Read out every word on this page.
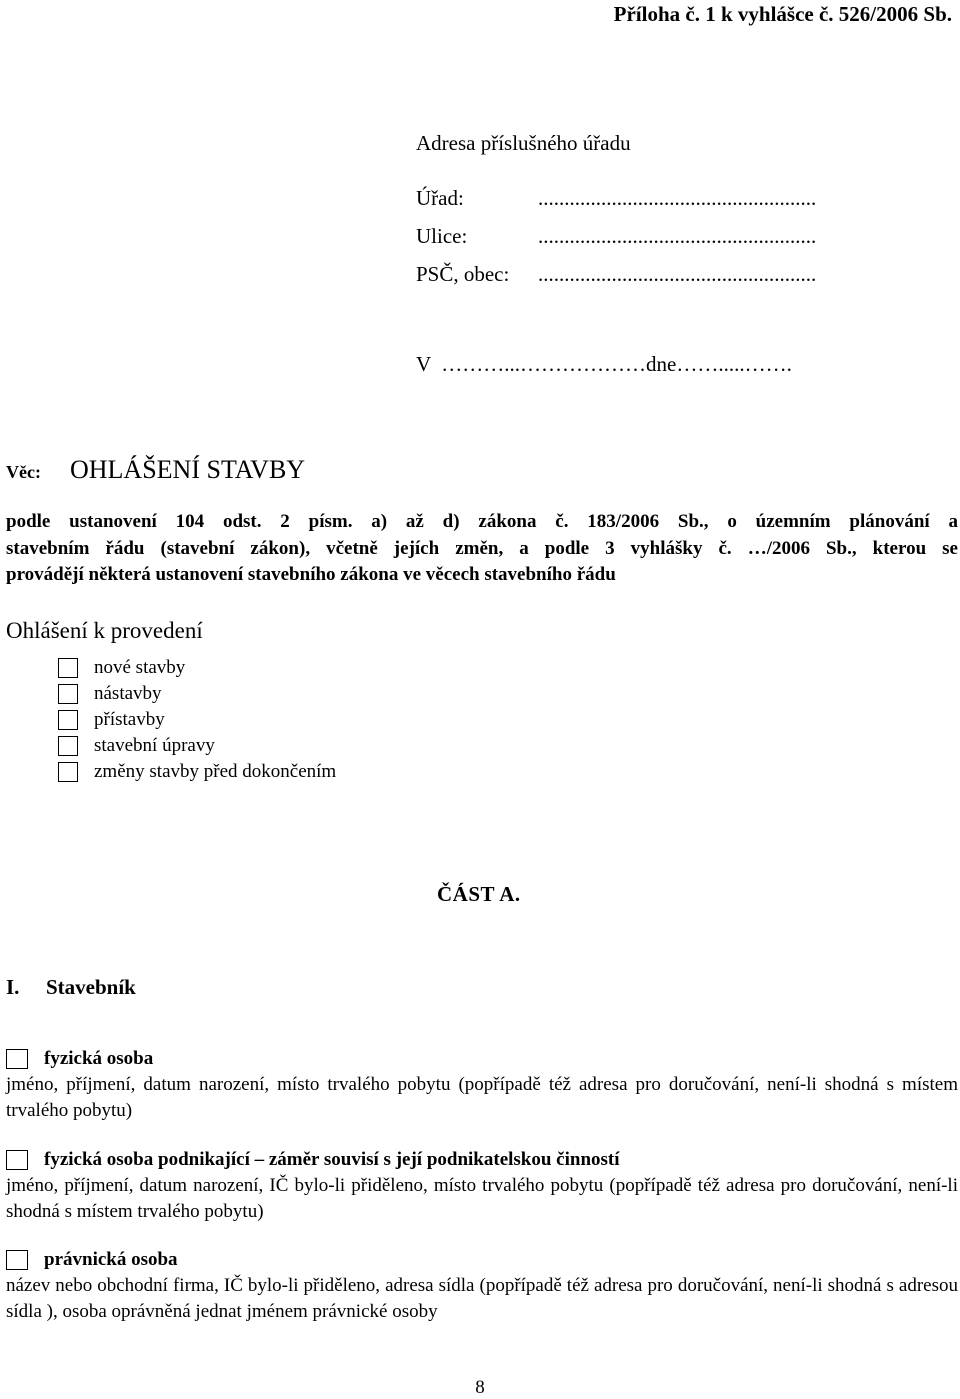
Příloha č. 1 k vyhlášce č. 526/2006 Sb.
Adresa příslušného úřadu
Úřad:	.....................................................
Ulice:	.....................................................
PSČ, obec:	.....................................................
V  ………...………………dne…….....…….
Věc:	OHLÁŠENÍ STAVBY
podle ustanovení 104 odst. 2 písm. a) až d) zákona č. 183/2006 Sb., o územním plánování a
stavebním řádu (stavební zákon), včetně jejích změn, a podle 3 vyhlášky č. …/2006 Sb., kterou se
provádějí některá ustanovení stavebního zákona ve věcech stavebního řádu
Ohlášení k provedení
nové stavby
nástavby
přístavby
stavební úpravy
změny stavby před dokončením
ČÁST A.
I. Stavebník
fyzická osoba
jméno, příjmení, datum narození, místo trvalého pobytu (popřípadě též adresa pro doručování, není-li shodná s místem trvalého pobytu)
fyzická osoba podnikající – záměr souvisí s její podnikatelskou činností
jméno, příjmení, datum narození, IČ bylo-li přiděleno, místo trvalého pobytu (popřípadě též adresa pro doručování, není-li shodná s místem trvalého pobytu)
právnická osoba
název nebo obchodní firma, IČ bylo-li přiděleno, adresa sídla (popřípadě též adresa pro doručování, není-li shodná s adresou sídla ), osoba oprávněná jednat jménem právnické osoby
8
